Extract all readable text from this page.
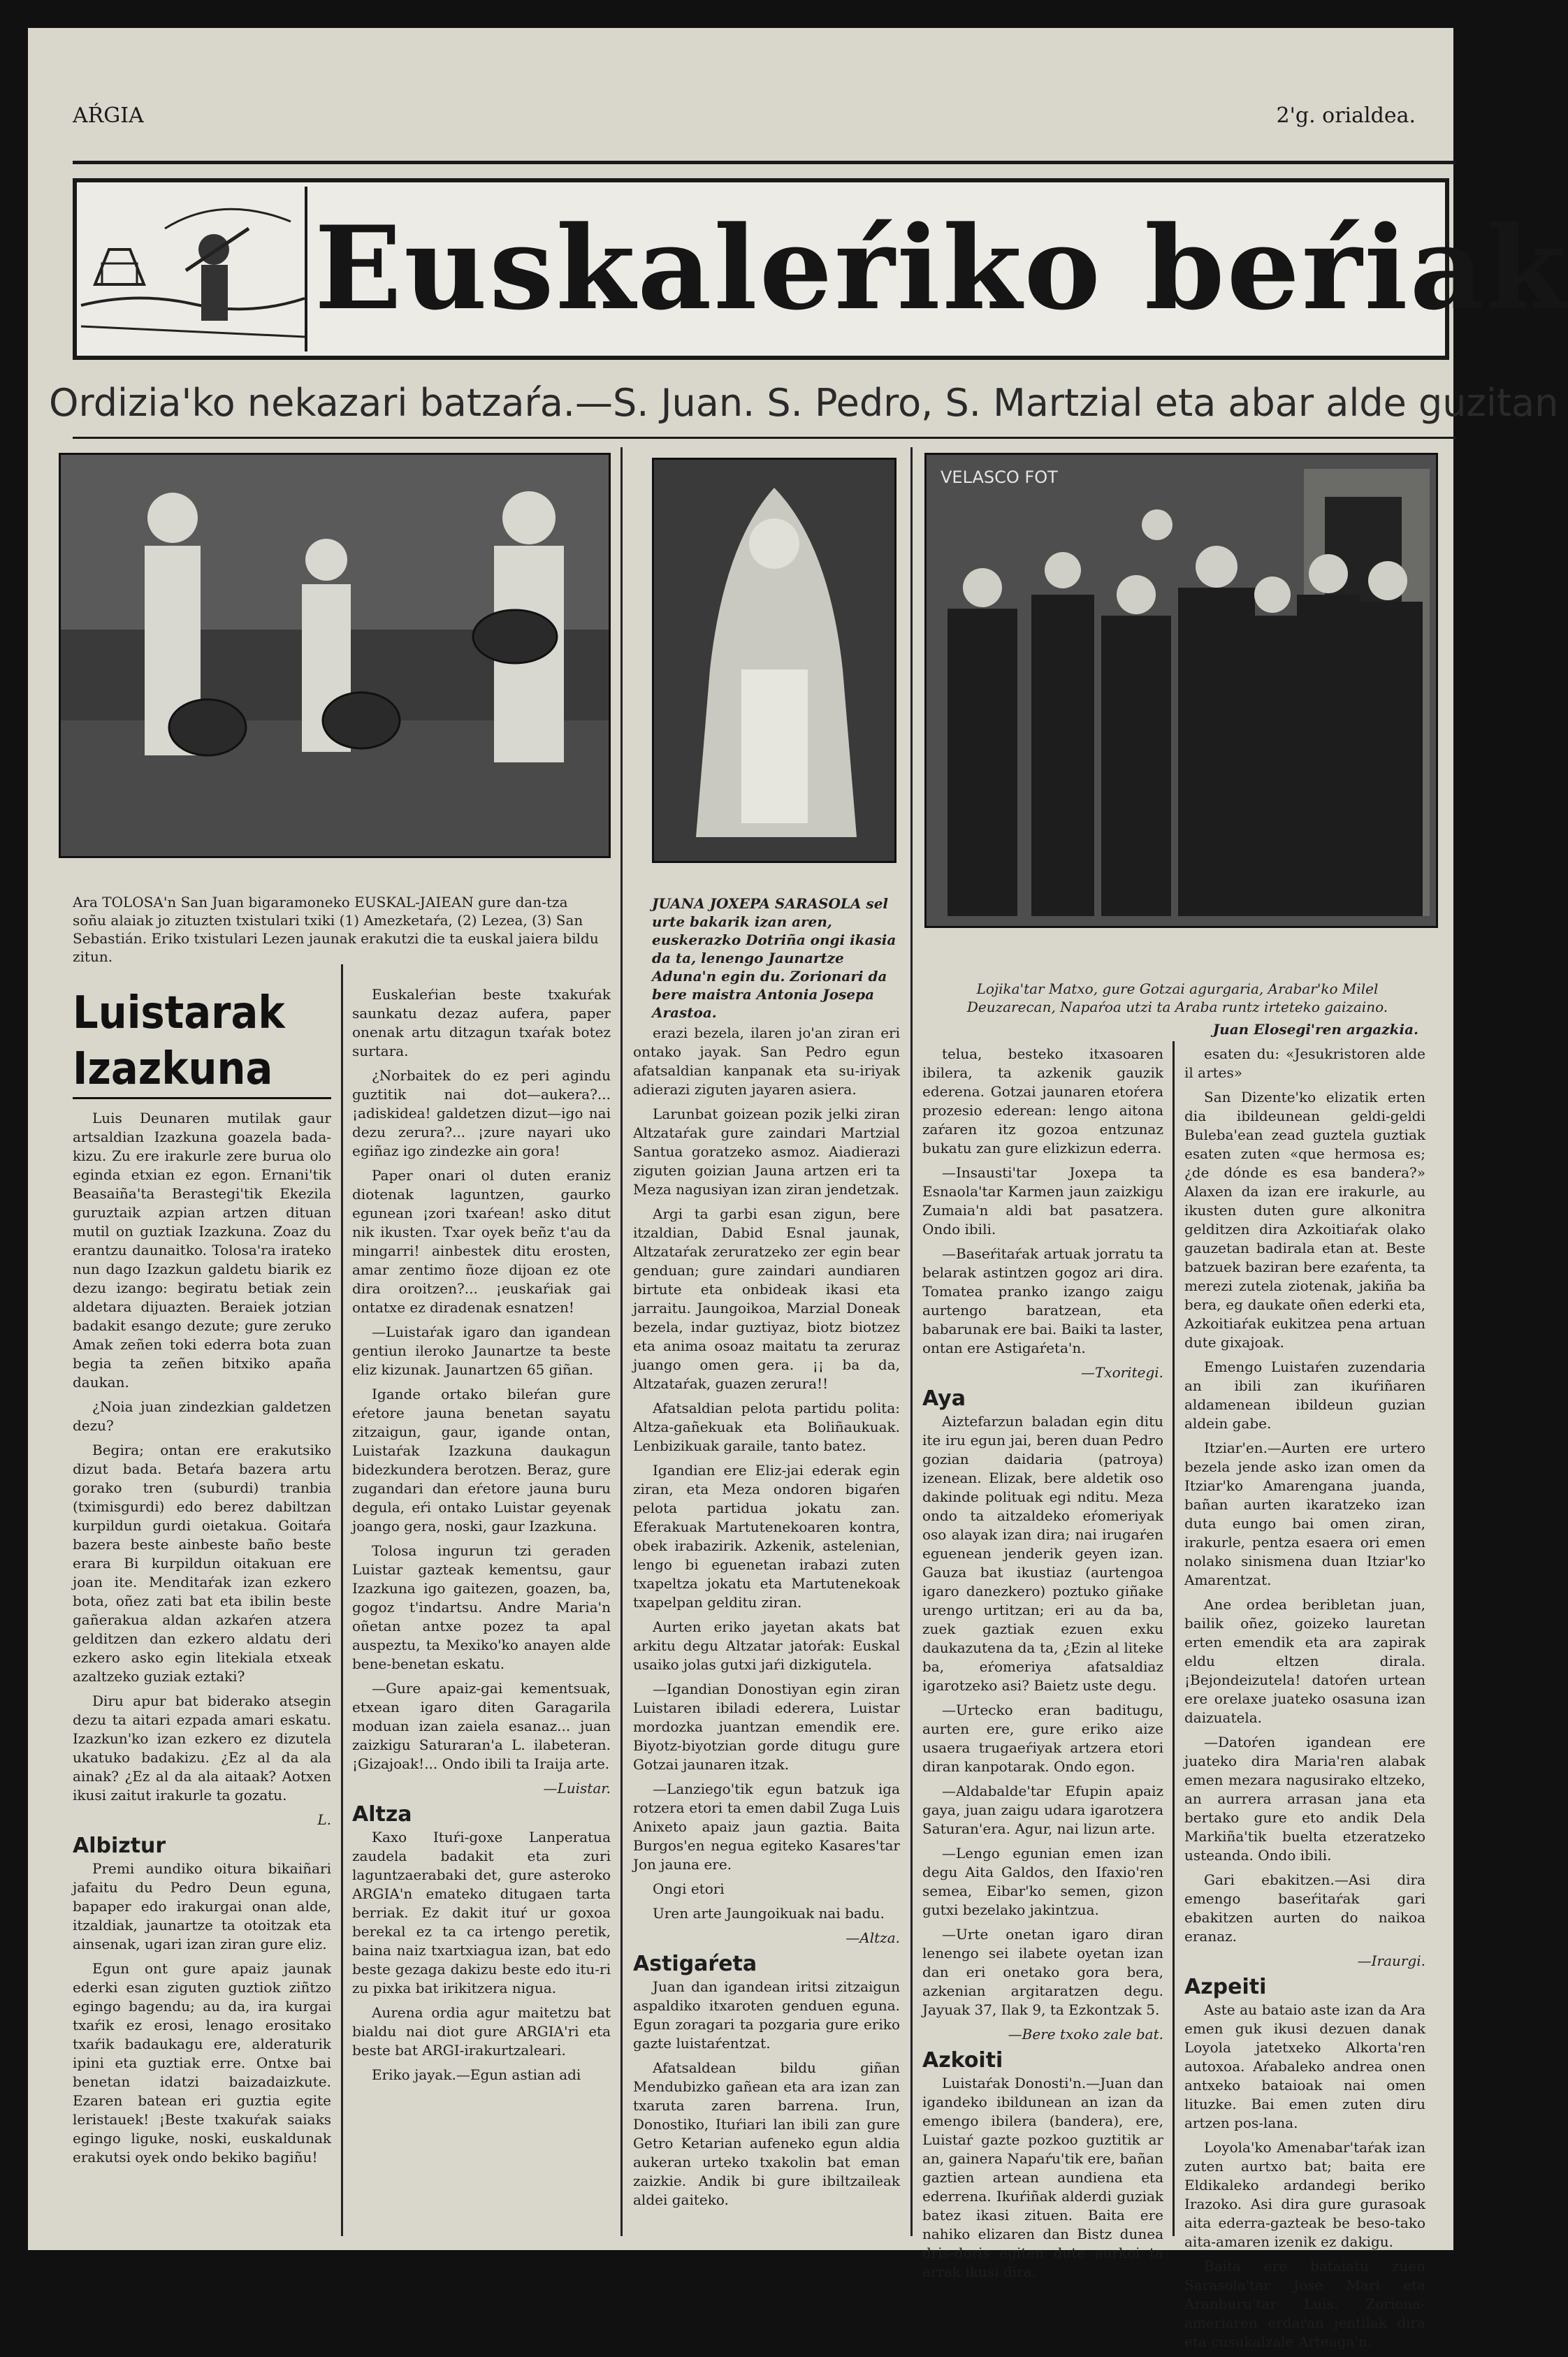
AŔGIA	2'g. orialdea.
Euskaleŕiko beŕiak
Ordizia'ko nekazari batzaŕa.—S. Juan. S. Pedro, S. Martzial eta abar alde guzitan
VELASCO FOT
Ara TOLOSA'n San Juan bigaramoneko EUSKAL-JAIEAN gure dan-tza soñu alaiak jo zituzten txistulari txiki (1) Amezketaŕa, (2) Lezea, (3) San Sebastián. Eriko txistulari Lezen jaunak erakutzi die ta euskal jaiera bildu zitun.
JUANA JOXEPA SARASOLA sel urte bakarik izan aren, euskerazko Dotriña ongi ikasia da ta, lenengo Jaunartze Aduna'n egin du. Zorionari da bere maistra Antonia Josepa Arastoa.
Lojika'tar Matxo, gure Gotzai agurgaria, Arabar'ko Milel Deuzarecan, Napaŕoa utzi ta Araba runtz irteteko gaizaino.
Juan Elosegi'ren argazkia.
Luistarak Izazkuna

Luis Deunaren mutilak gaur artsaldian Izazkuna goazela bada-kizu. Zu ere irakurle zere burua olo eginda etxian ez egon. Ernani'tik Beasaiña'ta Berastegi'tik Ekezila guruztaik azpian artzen dituan mutil on guztiak Izazkuna. Zoaz du erantzu daunaitko. Tolosa'ra irateko nun dago Izazkun galdetu biarik ez dezu izango: begiratu betiak zein aldetara dijuazten. Beraiek jotzian badakit esango dezute; gure zeruko Amak zeñen toki ederra bota zuan begia ta zeñen bitxiko apaña daukan.

¿Noia juan zindezkian galdetzen dezu?

Begira; ontan ere erakutsiko dizut bada. Betaŕa bazera artu gorako tren (suburdi) tranbia (tximisgurdi) edo berez dabiltzan kurpildun gurdi oietakua. Goitaŕa bazera beste ainbeste baño beste erara Bi kurpildun oitakuan ere joan ite. Menditaŕak izan ezkero bota, oñez zati bat eta ibilin beste gañerakua aldan azkaŕen atzera gelditzen dan ezkero aldatu deri ezkero asko egin litekiala etxeak azaltzeko guziak eztaki?

Diru apur bat biderako atsegin dezu ta aitari ezpada amari eskatu. Izazkun'ko izan ezkero ez dizutela ukatuko badakizu. ¿Ez al da ala ainak? ¿Ez al da ala aitaak? Aotxen ikusi zaitut irakurle ta gozatu.

L.

Albiztur

Premi aundiko oitura bikaiñari jafaitu du Pedro Deun eguna, bapaper edo irakurgai onan alde, itzaldiak, jaunartze ta otoitzak eta ainsenak, ugari izan ziran gure eliz.

Egun ont gure apaiz jaunak ederki esan ziguten guztiok ziñtzo egingo bagendu; au da, ira kurgai txaŕik ez erosi, lenago erositako txaŕik badaukagu ere, alderaturik ipini eta guztiak erre. Ontxe bai benetan idatzi baizadaizkute. Ezaren batean eri guztia egite leristauek! ¡Beste txakuŕak saiaks egingo liguke, noski, euskaldunak erakutsi oyek ondo bekiko bagiñu!

Euskaleŕian beste txakuŕak saunkatu dezaz aufera, paper onenak artu ditzagun txaŕak botez surtara.

¿Norbaitek do ez peri agindu guztitik nai dot—aukera?... ¡adiskidea! galdetzen dizut—igo nai dezu zerura?... ¡zure nayari uko egiñaz igo zindezke ain gora!

Paper onari ol duten eraniz diotenak laguntzen, gaurko egunean ¡zori txaŕean! asko ditut nik ikusten. Txar oyek beñz t'au da mingarri! ainbestek ditu erosten, amar zentimo ñoze dijoan ez ote dira oroitzen?... ¡euskaŕiak gai ontatxe ez diradenak esnatzen!

—Luistaŕak igaro dan igandean gentiun ileroko Jaunartze ta beste eliz kizunak. Jaunartzen 65 giñan.

Igande ortako bileŕan gure eŕetore jauna benetan sayatu zitzaigun, gaur, igande ontan, Luistaŕak Izazkuna daukagun bidezkundera berotzen. Beraz, gure zugandari dan eŕetore jauna buru degula, eŕi ontako Luistar geyenak joango gera, noski, gaur Izazkuna.

Tolosa ingurun tzi geraden Luistar gazteak kementsu, gaur Izazkuna igo gaitezen, goazen, ba, gogoz t'indartsu. Andre Maria'n oñetan antxe pozez ta apal auspeztu, ta Mexiko'ko anayen alde bene-benetan eskatu.

—Gure apaiz-gai kementsuak, etxean igaro diten Garagarila moduan izan zaiela esanaz... juan zaizkigu Saturaran'a L. ilabeteran. ¡Gizajoak!... Ondo ibili ta Iraija arte.

—Luistar.

Altza

Kaxo Ituŕi-goxe Lanperatua zaudela badakit eta zuri laguntzaerabaki det, gure asteroko ARGIA'n emateko ditugaen tarta berriak. Ez dakit ituŕ ur goxoa berekal ez ta ca irtengo peretik, baina naiz txartxiagua izan, bat edo beste gezaga dakizu beste edo itu-ri zu pixka bat irikitzera nigua.

Aurena ordia agur maitetzu bat bialdu nai diot gure ARGIA'ri eta beste bat ARGI-irakurtzaleari.

Eriko jayak.—Egun astian adi

erazi bezela, ilaren jo'an ziran eri ontako jayak. San Pedro egun afatsaldian kanpanak eta su-iriyak adierazi ziguten jayaren asiera.

Larunbat goizean pozik jelki ziran Altzataŕak gure zaindari Martzial Santua goratzeko asmoz. Aiadierazi ziguten goizian Jauna artzen eri ta Meza nagusiyan izan ziran jendetzak.

Argi ta garbi esan zigun, bere itzaldian, Dabid Esnal jaunak, Altzataŕak zeruratzeko zer egin bear genduan; gure zaindari aundiaren birtute eta onbideak ikasi eta jarraitu. Jaungoikoa, Marzial Doneak bezela, indar guztiyaz, biotz biotzez eta anima osoaz maitatu ta zeruraz juango omen gera. ¡¡ ba da, Altzataŕak, guazen zerura!!

Afatsaldian pelota partidu polita: Altza-gañekuak eta Boliñaukuak. Lenbizikuak garaile, tanto batez.

Igandian ere Eliz-jai ederak egin ziran, eta Meza ondoren bigaŕen pelota partidua jokatu zan. Eferakuak Martutenekoaren kontra, obek irabazirik. Azkenik, astelenian, lengo bi eguenetan irabazi zuten txapeltza jokatu eta Martutenekoak txapelpan gelditu ziran.

Aurten eriko jayetan akats bat arkitu degu Altzatar jatoŕak: Euskal usaiko jolas gutxi jaŕi dizkigutela.

—Igandian Donostiyan egin ziran Luistaren ibiladi ederera, Luistar mordozka juantzan emendik ere. Biyotz-biyotzian gorde ditugu gure Gotzai jaunaren itzak.

—Lanziego'tik egun batzuk iga rotzera etori ta emen dabil Zuga Luis Anixeto apaiz jaun gaztia. Baita Burgos'en negua egiteko Kasares'tar Jon jauna ere.

Ongi etori

Uren arte Jaungoikuak nai badu.

—Altza.

Astigaŕeta

Juan dan igandean iritsi zitzaigun aspaldiko itxaroten genduen eguna. Egun zoragari ta pozgaria gure eriko gazte luistaŕentzat.

Afatsaldean bildu giñan Mendubizko gañean eta ara izan zan txaruta zaren barrena. Irun, Donostiko, Ituŕiari lan ibili zan gure Getro Ketarian aufeneko egun aldia aukeran urteko txakolin bat eman zaizkie. Andik bi gure ibiltzaileak aldei gaiteko.

telua, besteko itxasoaren ibilera, ta azkenik gauzik ederena. Gotzai jaunaren etoŕera prozesio ederean: lengo aitona zaŕaren itz gozoa entzunaz bukatu zan gure elizkizun ederra.

—Insausti'tar Joxepa ta Esnaola'tar Karmen jaun zaizkigu Zumaia'n aldi bat pasatzera. Ondo ibili.

—Baseŕitaŕak artuak jorratu ta belarak astintzen gogoz ari dira. Tomatea pranko izango zaigu aurtengo baratzean, eta babarunak ere bai. Baiki ta laster, ontan ere Astigaŕeta'n.

—Txoritegi.

Aya

Aiztefarzun baladan egin ditu ite iru egun jai, beren duan Pedro gozian daidaria (patroya) izenean. Elizak, bere aldetik oso dakinde polituak egi nditu. Meza ondo ta aitzaldeko eŕomeriyak oso alayak izan dira; nai irugaŕen eguenean jenderik geyen izan. Gauza bat ikustiaz (aurtengoa igaro danezkero) poztuko giñake urengo urtitzan; eri au da ba, zuek gaztiak ezuen exku daukazutena da ta, ¿Ezin al liteke ba, eŕomeriya afatsaldiaz igarotzeko asi? Baietz uste degu.

—Urtecko eran baditugu, aurten ere, gure eriko aize usaera trugaeŕiyak artzera etori diran kanpotarak. Ondo egon.

—Aldabalde'tar Efupin apaiz gaya, juan zaigu udara igarotzera Saturan'era. Agur, nai lizun arte.

—Lengo egunian emen izan degu Aita Galdos, den Ifaxio'ren semea, Eibar'ko semen, gizon gutxi bezelako jakintzua.

—Urte onetan igaro diran lenengo sei ilabete oyetan izan dan eri onetako gora bera, azkenian argitaratzen degu. Jayuak 37, Ilak 9, ta Ezkontzak 5.

—Bere txoko zale bat.

Azkoiti

Luistaŕak Donosti'n.—Juan dan igandeko ibildunean an izan da emengo ibilera (bandera), ere, Luistaŕ gazte pozkoo guztitik ar an, gainera Napaŕu'tik ere, bañan gaztien artean aundiena eta ederrena. Ikuŕiñak alderdi guziak batez ikasi zituen. Baita ere nahiko elizaren dan Bistz dunea dris-doris egiten dute aurkoi ta arrak ikusi dira.

esaten du: «Jesukristoren alde il artes»

San Dizente'ko elizatik erten dia ibildeunean geldi-geldi Buleba'ean zead guztela guztiak esaten zuten «que hermosa es; ¿de dónde es esa bandera?» Alaxen da izan ere irakurle, au ikusten duten gure alkonitra gelditzen dira Azkoitiaŕak olako gauzetan badirala etan at. Beste batzuek baziran bere ezaŕenta, ta merezi zutela ziotenak, jakiña ba bera, eg daukate oñen ederki eta, Azkoitiaŕak eukitzea pena artuan dute gixajoak.

Emengo Luistaŕen zuzendaria an ibili zan ikuŕiñaren aldamenean ibildeun guzian aldein gabe.

Itziar'en.—Aurten ere urtero bezela jende asko izan omen da Itziar'ko Amarengana juanda, bañan aurten ikaratzeko izan duta eungo bai omen ziran, irakurle, pentza esaera ori emen nolako sinismena duan Itziar'ko Amarentzat.

Ane ordea beribletan juan, bailik oñez, goizeko lauretan erten emendik eta ara zapirak eldu eltzen dirala. ¡Bejondeizutela! datoŕen urtean ere orelaxe juateko osasuna izan daizuatela.

—Datoŕen igandean ere juateko dira Maria'ren alabak emen mezara nagusirako eltzeko, an aurrera arrasan jana eta bertako gure eto andik Dela Markiña'tik buelta etzeratzeko usteanda. Ondo ibili.

Gari ebakitzen.—Asi dira emengo baseŕitaŕak gari ebakitzen aurten do naikoa eranaz.

—Iraurgi.

Azpeiti

Aste au bataio aste izan da Ara emen guk ikusi dezuen danak Loyola jatetxeko Alkorta'ren autoxoa. Aŕabaleko andrea onen antxeko bataioak nai omen lituzke. Bai emen zuten diru artzen pos-lana.

Loyola'ko Amenabar'taŕak izan zuten aurtxo bat; baita ere Eldikaleko ardandegi beriko Irazoko. Asi dira gure gurasoak aita ederra-gazteak be beso-tako aita-amaren izenik ez dakigu.

Baita ere bataiatu zuen Sarasola'tar Jose Mari eta Aranburu'tar Luis. Zoriona-ameriaren erdaŕan jentilak dira eta cusukalzale Arteaga'n.
